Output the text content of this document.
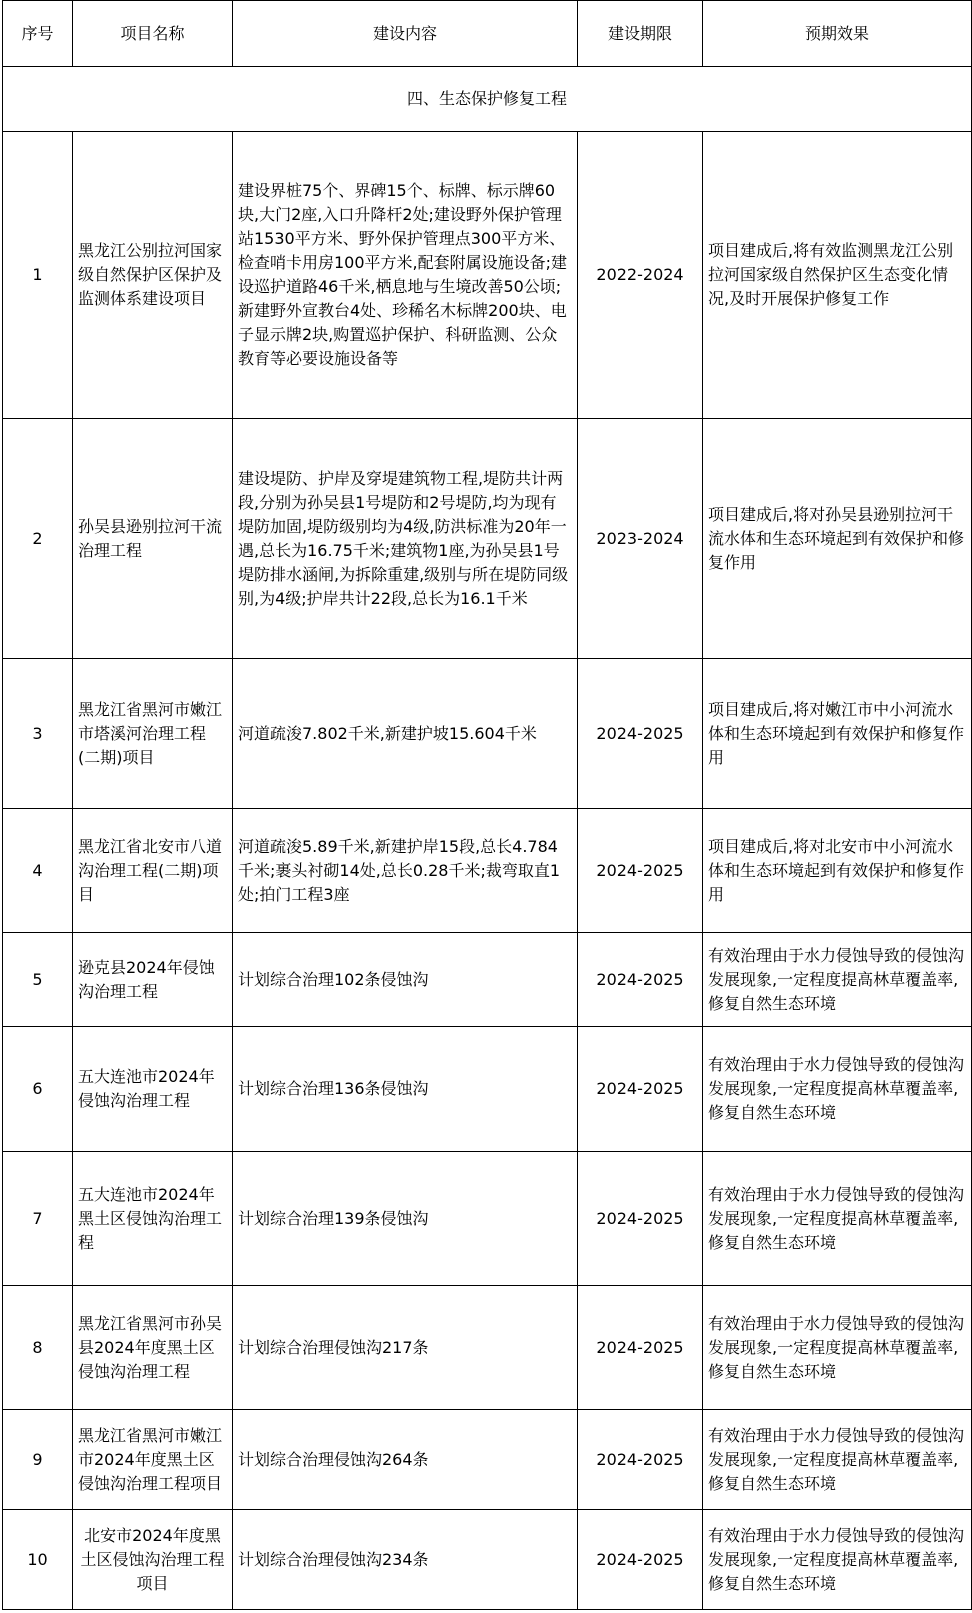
序号	项目名称	建设内容	建设期限	预期效果
四、生态保护修复工程				
1	黑龙江公别拉河国家级自然保护区保护及监测体系建设项目	建设界桩75个、界碑15个、标牌、标示牌60块,大门2座,入口升降杆2处;建设野外保护管理站1530平方米、野外保护管理点300平方米、检查哨卡用房100平方米,配套附属设施设备;建设巡护道路46千米,栖息地与生境改善50公顷;新建野外宣教台4处、珍稀名木标牌200块、电子显示牌2块,购置巡护保护、科研监测、公众教育等必要设施设备等	2022-2024	项目建成后,将有效监测黑龙江公别拉河国家级自然保护区生态变化情况,及时开展保护修复工作
2	孙吴县逊别拉河干流治理工程	建设堤防、护岸及穿堤建筑物工程,堤防共计两段,分别为孙吴县1号堤防和2号堤防,均为现有堤防加固,堤防级别均为4级,防洪标准为20年一遇,总长为16.75千米;建筑物1座,为孙吴县1号堤防排水涵闸,为拆除重建,级别与所在堤防同级别,为4级;护岸共计22段,总长为16.1千米	2023-2024	项目建成后,将对孙吴县逊别拉河干流水体和生态环境起到有效保护和修复作用
3	黑龙江省黑河市嫩江市塔溪河治理工程(二期)项目	河道疏浚7.802千米,新建护坡15.604千米	2024-2025	项目建成后,将对嫩江市中小河流水体和生态环境起到有效保护和修复作用
4	黑龙江省北安市八道沟治理工程(二期)项目	河道疏浚5.89千米,新建护岸15段,总长4.784千米;裹头衬砌14处,总长0.28千米;裁弯取直1处;拍门工程3座	2024-2025	项目建成后,将对北安市中小河流水体和生态环境起到有效保护和修复作用
5	逊克县2024年侵蚀沟治理工程	计划综合治理102条侵蚀沟	2024-2025	有效治理由于水力侵蚀导致的侵蚀沟发展现象,一定程度提高林草覆盖率,修复自然生态环境
6	五大连池市2024年侵蚀沟治理工程	计划综合治理136条侵蚀沟	2024-2025	有效治理由于水力侵蚀导致的侵蚀沟发展现象,一定程度提高林草覆盖率,修复自然生态环境
7	五大连池市2024年黑土区侵蚀沟治理工程	计划综合治理139条侵蚀沟	2024-2025	有效治理由于水力侵蚀导致的侵蚀沟发展现象,一定程度提高林草覆盖率,修复自然生态环境
8	黑龙江省黑河市孙吴县2024年度黑土区侵蚀沟治理工程	计划综合治理侵蚀沟217条	2024-2025	有效治理由于水力侵蚀导致的侵蚀沟发展现象,一定程度提高林草覆盖率,修复自然生态环境
9	黑龙江省黑河市嫩江市2024年度黑土区侵蚀沟治理工程项目	计划综合治理侵蚀沟264条	2024-2025	有效治理由于水力侵蚀导致的侵蚀沟发展现象,一定程度提高林草覆盖率,修复自然生态环境
10	北安市2024年度黑土区侵蚀沟治理工程项目	计划综合治理侵蚀沟234条	2024-2025	有效治理由于水力侵蚀导致的侵蚀沟发展现象,一定程度提高林草覆盖率,修复自然生态环境
